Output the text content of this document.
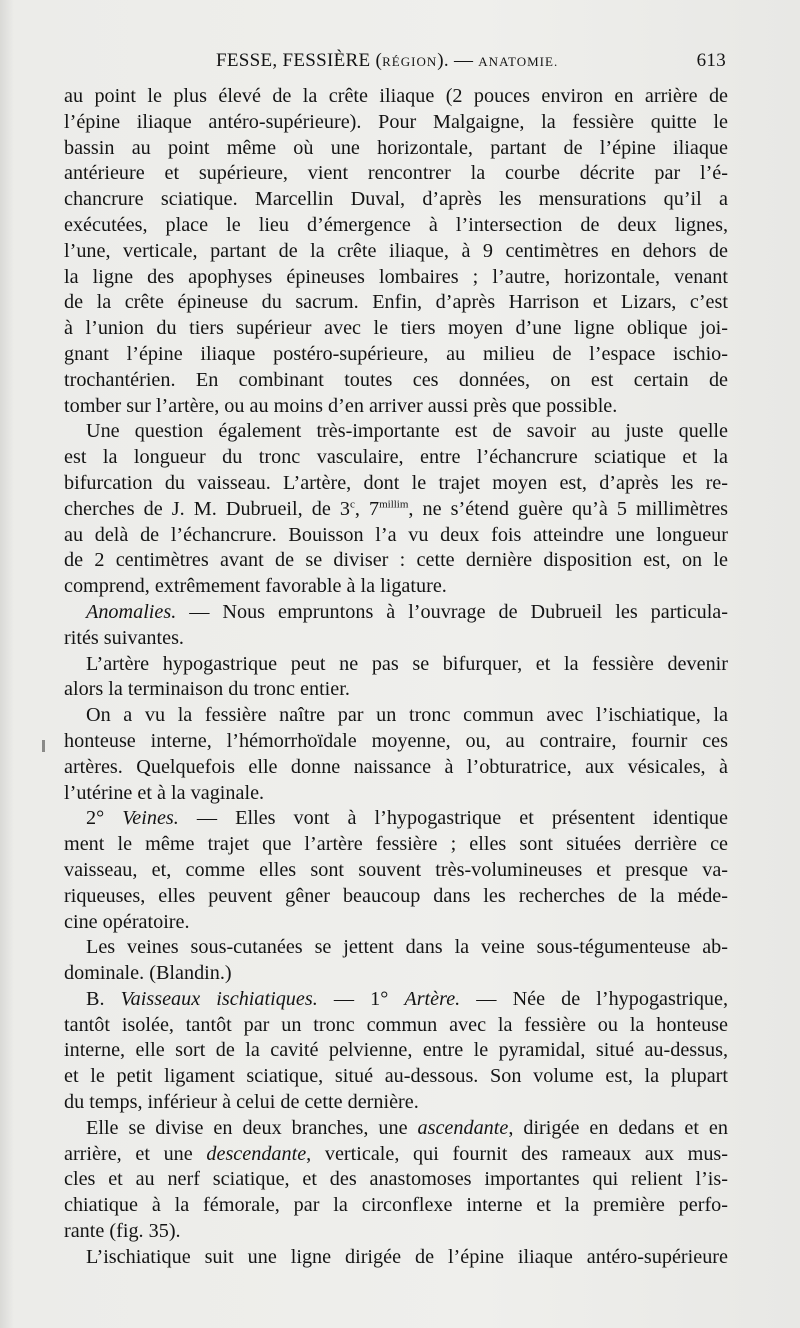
FESSE, FESSIÈRE (RÉGION). — ANATOMIE.	613
au point le plus élevé de la crête iliaque (2 pouces environ en arrière de
l’épine iliaque antéro-supérieure). Pour Malgaigne, la fessière quitte le
bassin au point même où une horizontale, partant de l’épine iliaque
antérieure et supérieure, vient rencontrer la courbe décrite par l’é-
chancrure sciatique. Marcellin Duval, d’après les mensurations qu’il a
exécutées, place le lieu d’émergence à l’intersection de deux lignes,
l’une, verticale, partant de la crête iliaque, à 9 centimètres en dehors de
la ligne des apophyses épineuses lombaires ; l’autre, horizontale, venant
de la crête épineuse du sacrum. Enfin, d’après Harrison et Lizars, c’est
à l’union du tiers supérieur avec le tiers moyen d’une ligne oblique joi-
gnant l’épine iliaque postéro-supérieure, au milieu de l’espace ischio-
trochantérien. En combinant toutes ces données, on est certain de
tomber sur l’artère, ou au moins d’en arriver aussi près que possible.
Une question également très-importante est de savoir au juste quelle
est la longueur du tronc vasculaire, entre l’échancrure sciatique et la
bifurcation du vaisseau. L’artère, dont le trajet moyen est, d’après les re-
cherches de J. M. Dubrueil, de 3$^c$, $7^{millim}$, ne s’étend guère qu’à 5 millimètres
au delà de l’échancrure. Bouisson l’a vu deux fois atteindre une longueur
de 2 centimètres avant de se diviser : cette dernière disposition est, on le
comprend, extrêmement favorable à la ligature.
Anomalies. — Nous empruntons à l’ouvrage de Dubrueil les particula-
rités suivantes.
L’artère hypogastrique peut ne pas se bifurquer, et la fessière devenir
alors la terminaison du tronc entier.
On a vu la fessière naître par un tronc commun avec l’ischiatique, la
honteuse interne, l’hémorrhoïdale moyenne, ou, au contraire, fournir ces
artères. Quelquefois elle donne naissance à l’obturatrice, aux vésicales, à
l’utérine et à la vaginale.
2° Veines. — Elles vont à l’hypogastrique et présentent identique
ment le même trajet que l’artère fessière ; elles sont situées derrière ce
vaisseau, et, comme elles sont souvent très-volumineuses et presque va-
riqueuses, elles peuvent gêner beaucoup dans les recherches de la méde-
cine opératoire.
Les veines sous-cutanées se jettent dans la veine sous-tégumenteuse ab-
dominale. (Blandin.)
B. Vaisseaux ischiatiques. — 1° Artère. — Née de l’hypogastrique,
tantôt isolée, tantôt par un tronc commun avec la fessière ou la honteuse
interne, elle sort de la cavité pelvienne, entre le pyramidal, situé au-dessus,
et le petit ligament sciatique, situé au-dessous. Son volume est, la plupart
du temps, inférieur à celui de cette dernière.
Elle se divise en deux branches, une ascendante, dirigée en dedans et en
arrière, et une descendante, verticale, qui fournit des rameaux aux mus-
cles et au nerf sciatique, et des anastomoses importantes qui relient l’is-
chiatique à la fémorale, par la circonflexe interne et la première perfo-
rante (fig. 35).
L’ischiatique suit une ligne dirigée de l’épine iliaque antéro-supérieure
